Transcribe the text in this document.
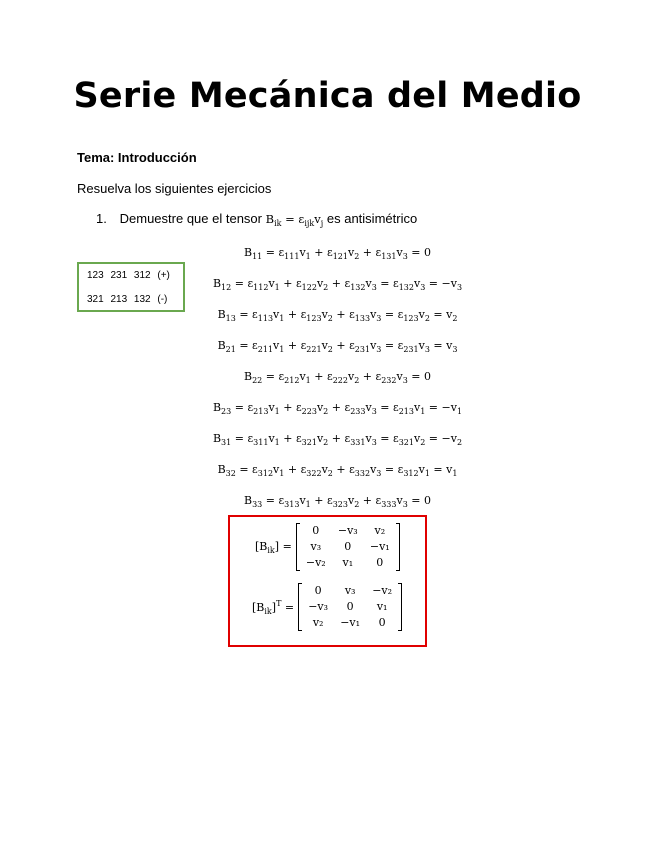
Serie Mecánica del Medio
Tema: Introducción
Resuelva los siguientes ejercicios
1. Demuestre que el tensor $B_{ik} = \varepsilon_{ijk}v_j$ es antisimétrico
123 231 312 (+)
321 213 132 (-)
$B_{11} = \varepsilon_{111}v_1 + \varepsilon_{121}v_2 + \varepsilon_{131}v_3 = 0$
$B_{12} = \varepsilon_{112}v_1 + \varepsilon_{122}v_2 + \varepsilon_{132}v_3 = \varepsilon_{132}v_3 = -v_3$
$B_{13} = \varepsilon_{113}v_1 + \varepsilon_{123}v_2 + \varepsilon_{133}v_3 = \varepsilon_{123}v_2 = v_2$
$B_{21} = \varepsilon_{211}v_1 + \varepsilon_{221}v_2 + \varepsilon_{231}v_3 = \varepsilon_{231}v_3 = v_3$
$B_{22} = \varepsilon_{212}v_1 + \varepsilon_{222}v_2 + \varepsilon_{232}v_3 = 0$
$B_{23} = \varepsilon_{213}v_1 + \varepsilon_{223}v_2 + \varepsilon_{233}v_3 = \varepsilon_{213}v_1 = -v_1$
$B_{31} = \varepsilon_{311}v_1 + \varepsilon_{321}v_2 + \varepsilon_{331}v_3 = \varepsilon_{321}v_2 = -v_2$
$B_{32} = \varepsilon_{312}v_1 + \varepsilon_{322}v_2 + \varepsilon_{332}v_3 = \varepsilon_{312}v_1 = v_1$
$B_{33} = \varepsilon_{313}v_1 + \varepsilon_{323}v_2 + \varepsilon_{333}v_3 = 0$
$[B_{ik}]$ =
0	−v₃	v₂
v₃	0	−v₁
−v₂	v₁	0
$[B_{ik}]^T$ =
0	v₃	−v₂
−v₃	0	v₁
v₂	−v₁	0
